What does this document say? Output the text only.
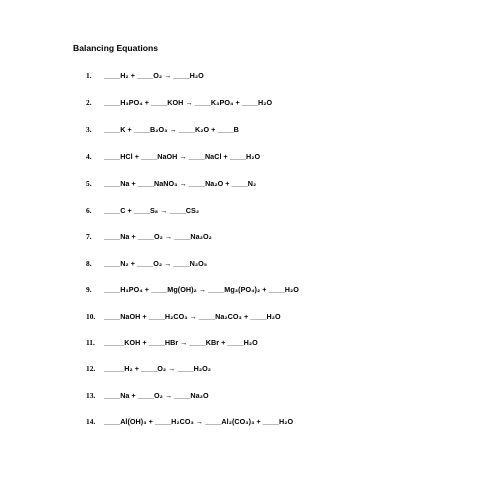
Balancing Equations
1. ____H₂ + ____O₂ → ____H₂O
2. ____H₃PO₄ + ____KOH → ____K₃PO₄ + ____H₂O
3. ____K + ____B₂O₃ → ____K₂O + ____B
4. ____HCl + ____NaOH → ____NaCl + ____H₂O
5. ____Na + ____NaNO₃ → ____Na₂O + ____N₂
6. ____C + ____S₈ → ____CS₂
7. ____Na + ____O₂ → ____Na₂O₂
8. ____N₂ + ____O₂ → ____N₂O₅
9. ____H₃PO₄ + ____Mg(OH)₂ → ____Mg₃(PO₄)₂ + ____H₂O
10. ____NaOH + ____H₂CO₃ → ____Na₂CO₃ + ____H₂O
11. _____KOH + ____HBr → ____KBr + ____H₂O
12. _____H₂ + ____O₂ → ____H₂O₂
13. ____Na + ____O₂ → ____Na₂O
14. ____Al(OH)₃ + ____H₂CO₃ → ____Al₂(CO₃)₃ + ____H₂O
